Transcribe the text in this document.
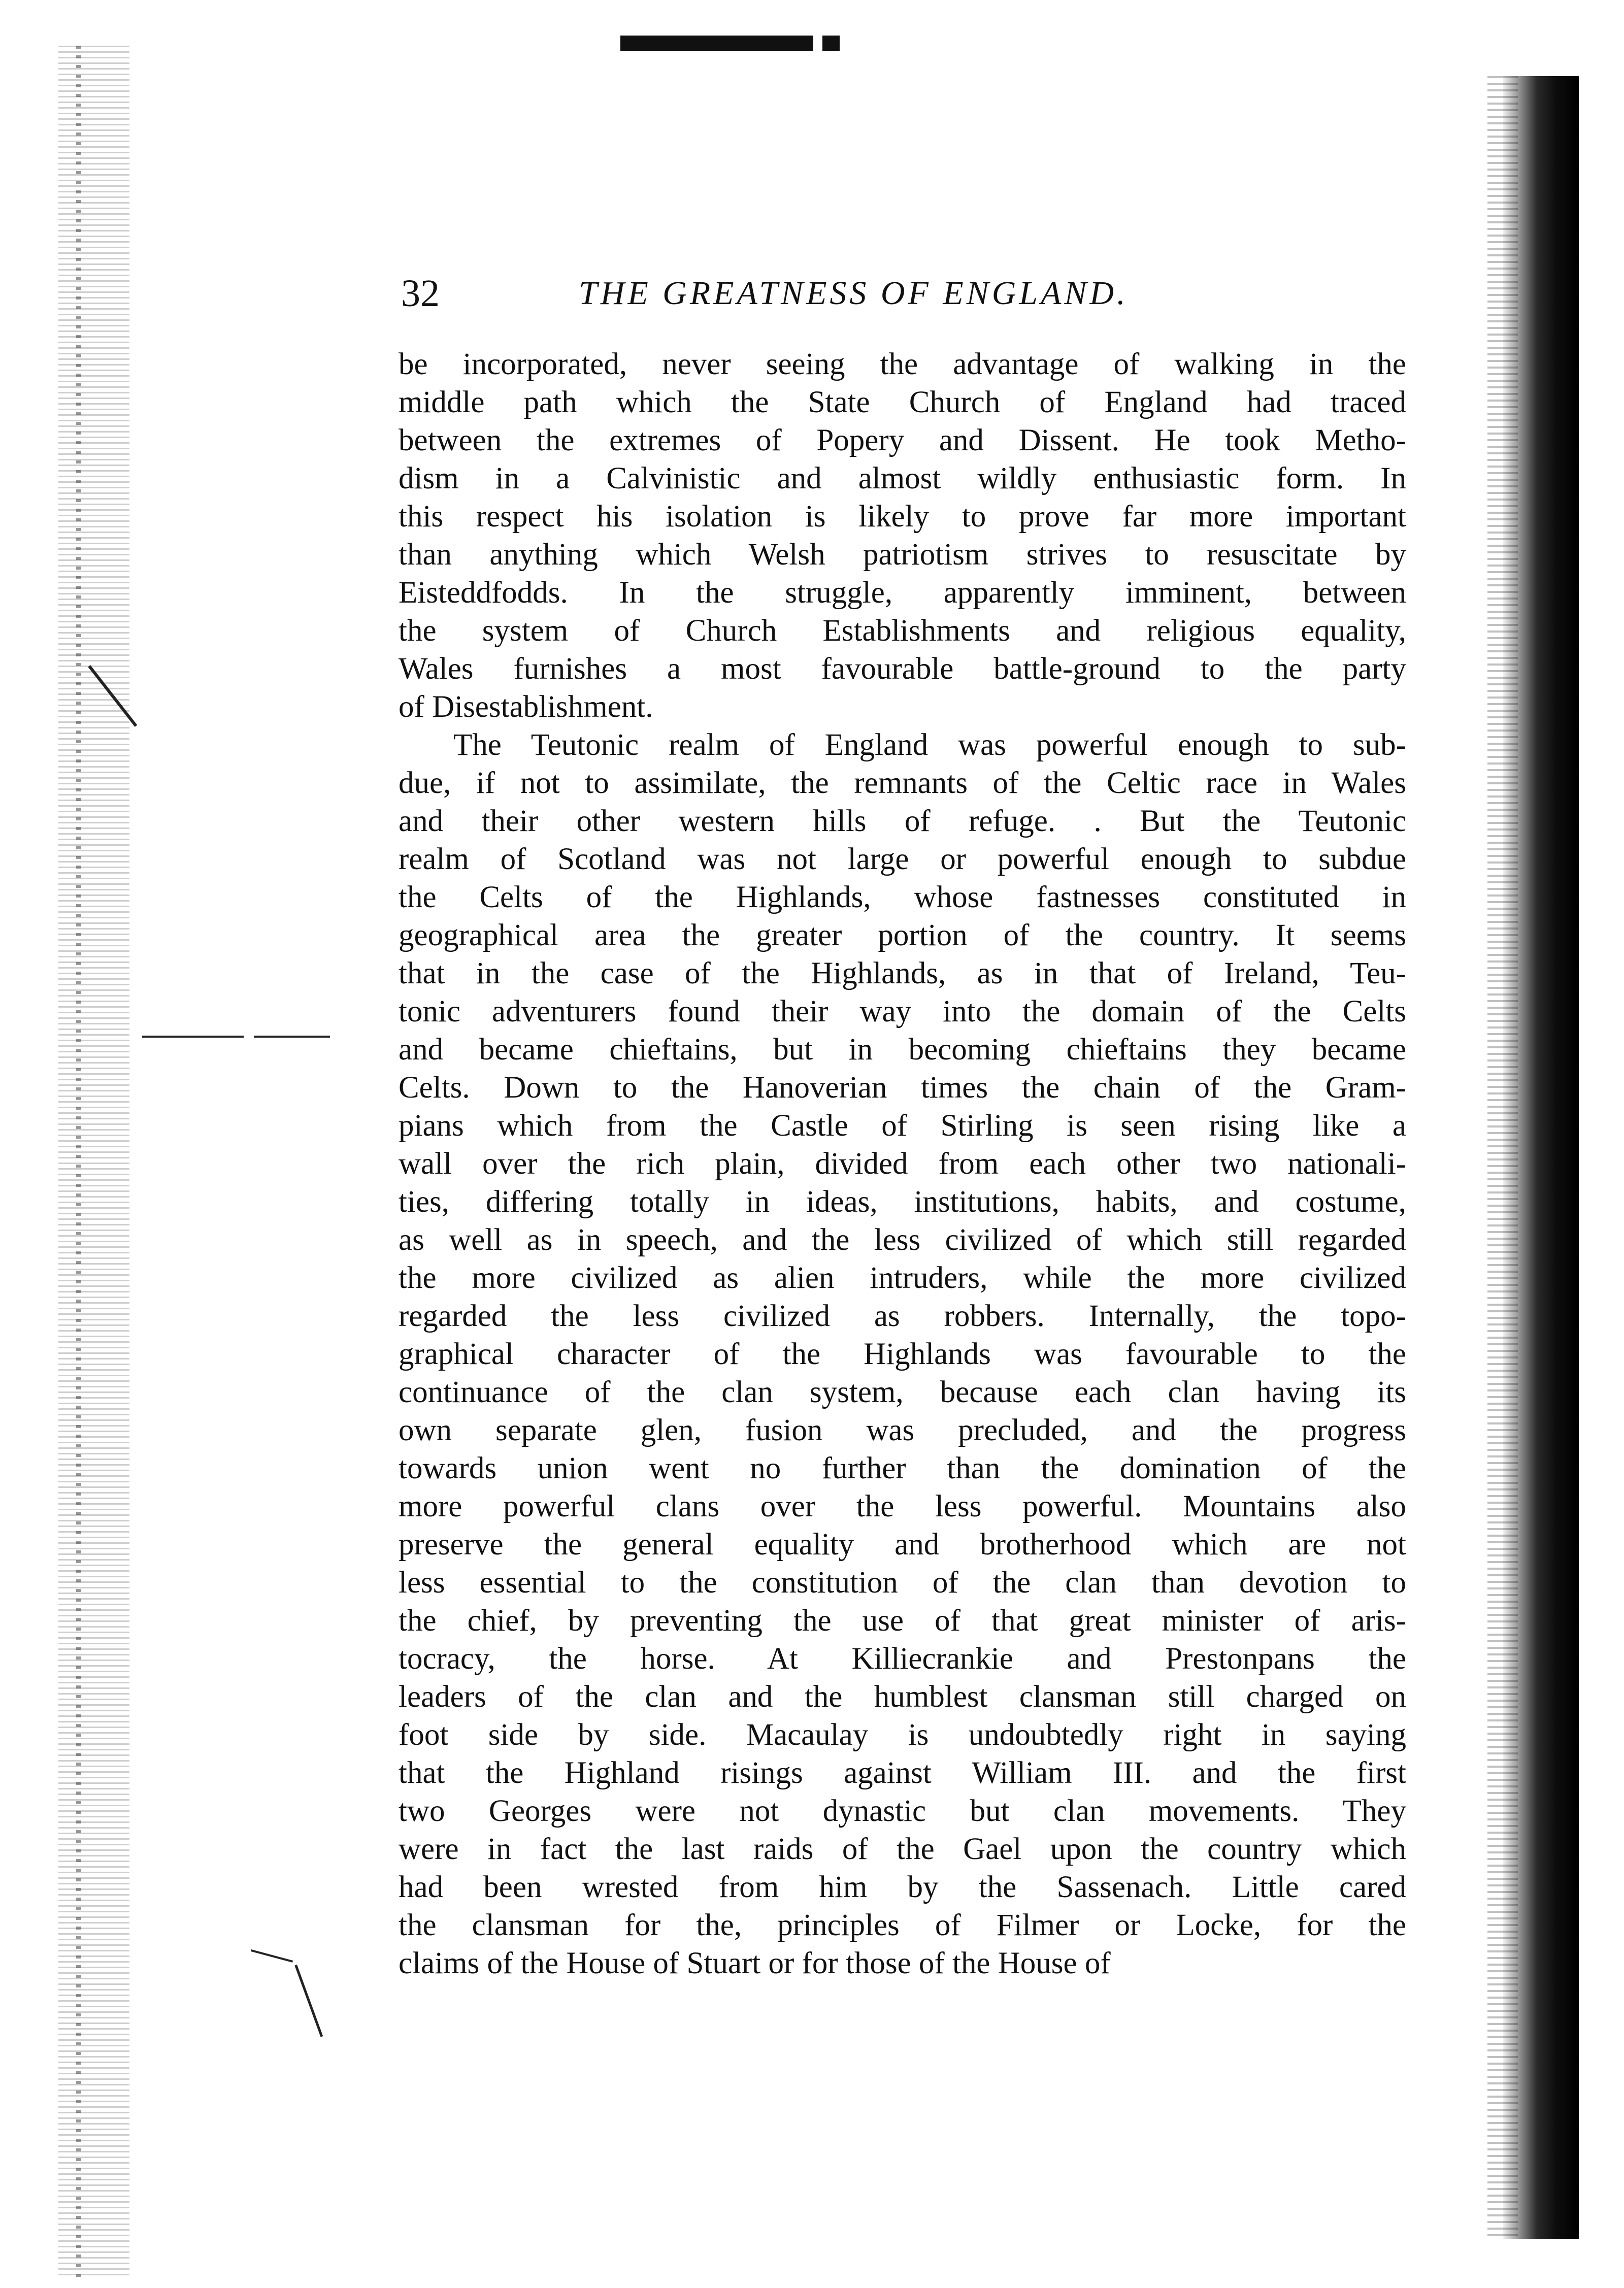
32	THE GREATNESS OF ENGLAND.
be incorporated, never seeing the advantage of walking in the
middle path which the State Church of England had traced
between the extremes of Popery and Dissent. He took Metho-
dism in a Calvinistic and almost wildly enthusiastic form. In
this respect his isolation is likely to prove far more important
than anything which Welsh patriotism strives to resuscitate by
Eisteddfodds. In the struggle, apparently imminent, between
the system of Church Establishments and religious equality,
Wales furnishes a most favourable battle-ground to the party
of Disestablishment.
The Teutonic realm of England was powerful enough to sub-
due, if not to assimilate, the remnants of the Celtic race in Wales
and their other western hills of refuge. . But the Teutonic
realm of Scotland was not large or powerful enough to subdue
the Celts of the Highlands, whose fastnesses constituted in
geographical area the greater portion of the country. It seems
that in the case of the Highlands, as in that of Ireland, Teu-
tonic adventurers found their way into the domain of the Celts
and became chieftains, but in becoming chieftains they became
Celts. Down to the Hanoverian times the chain of the Gram-
pians which from the Castle of Stirling is seen rising like a
wall over the rich plain, divided from each other two nationali-
ties, differing totally in ideas, institutions, habits, and costume,
as well as in speech, and the less civilized of which still regarded
the more civilized as alien intruders, while the more civilized
regarded the less civilized as robbers. Internally, the topo-
graphical character of the Highlands was favourable to the
continuance of the clan system, because each clan having its
own separate glen, fusion was precluded, and the progress
towards union went no further than the domination of the
more powerful clans over the less powerful. Mountains also
preserve the general equality and brotherhood which are not
less essential to the constitution of the clan than devotion to
the chief, by preventing the use of that great minister of aris-
tocracy, the horse. At Killiecrankie and Prestonpans the
leaders of the clan and the humblest clansman still charged on
foot side by side. Macaulay is undoubtedly right in saying
that the Highland risings against William III. and the first
two Georges were not dynastic but clan movements. They
were in fact the last raids of the Gael upon the country which
had been wrested from him by the Sassenach. Little cared
the clansman for the, principles of Filmer or Locke, for the
claims of the House of Stuart or for those of the House of
